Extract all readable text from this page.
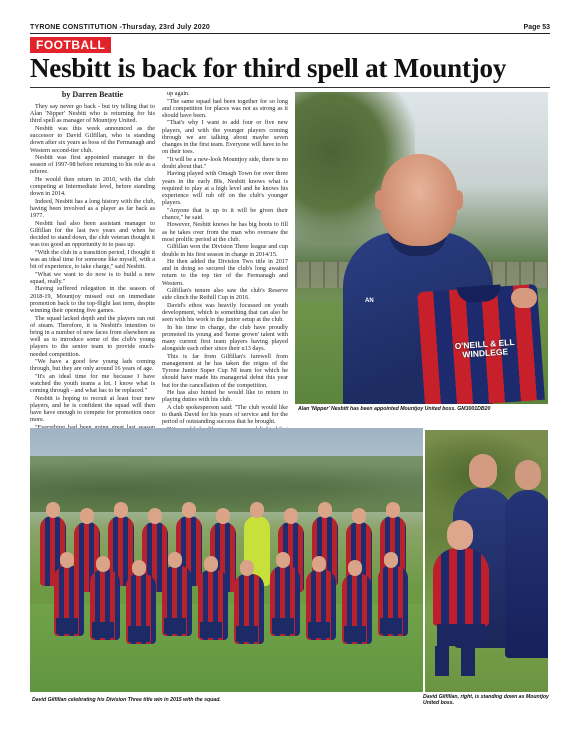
TYRONE CONSTITUTION -Thursday, 23rd July 2020	Page 53
FOOTBALL
Nesbitt is back for third spell at Mountjoy
by Darren Beattie

They say never go back - but try telling that to Alan 'Nipper' Nesbitt who is returning for his third spell as manager of Mountjoy United.

Nesbitt was this week announced as the successor to David Gilfillan, who is standing down after six years as boss of the Fermanagh and Western second-tier club.

Nesbitt was first appointed manager in the season of 1997-98 before returning to his role as a referee.

He would then return in 2010, with the club competing at Intermediate level, before standing down in 2014.

Indeed, Nesbitt has a long history with the club, having been involved as a player as far back as 1977.

Nesbitt had also been assistant manager to Gilfillan for the last two years and when he decided to stand down, the club veteran thought it was too good an opportunity to to pass up.

"With the club in a transition period, I thought it was an ideal time for someone like myself, with a bit of experience, to take charge," said Nesbitt.

"What we want to do now is to build a new squad, really."

Having suffered relegation in the season of 2018-19, Mountjoy missed out on immediate promotion back to the top-flight last term, despite winning their opening five games.

The squad lacked depth and the players ran out of steam. Therefore, it is Nesbitt's intention to bring in a number of new faces from elsewhere as well as to introduce some of the club's young players to the senior team to provide much-needed competition.

"We have a good few young lads coming through, but they are only around 16 years of age.

"It's an ideal time for me because I have watched the youth teams a lot. I know what is coming through - and what has to be replaced."

Nesbitt is hoping to recruit at least four new players, and he is confident the squad will then have have enough to compete for promotion once more.

up again.

"The same squad had been together for so long and competition for places was not as strong as it should have been.

"That's why I want to add four or five new players, and with the younger players coming through we are talking about maybe seven changes in the first team. Everyone will have to be on their toes.

"It will be a new-look Mountjoy side, there is no doubt about that."

Having played with Omagh Town for over three years in the early 80s, Nesbitt knows what is required to play at a high level and he knows his experience will rub off on the club's younger players.

"Anyone that is up to it will be given their chance," he said.

However, Nesbitt knows he has big boots to fill as he takes over from the man who oversaw the most prolific period at the club.

Gilfillan won the Division Three league and cup double in his first season in charge in 2014/15.

He then added the Division Two title in 2017 and in doing so secured the club's long awaited return to the top tier of the Fermanagh and Western.

Gilfillan's tenure also saw the club's Reserve side clinch the Reihill Cup in 2016.

David's ethos was heavily focussed on youth development, which is something that can also be seen with his work in the junior setup at the club.

In his time in charge, the club have proudly promoted its young and 'home grown' talent with many current first team players having played alongside each other since their u13 days.

This is far from Gilfillan's farewell from management at he has taken the reigns of the Tyrone Junior Super Cup NI team for which he should have made his managerial debut this year but for the cancellation of the competition.

He has also hinted he would like to return to playing duties with his club.

A club spokesperson said: "The club would like to thank David for his years of service and for the period of outstanding success that he brought.

AN
O'NEILL & ELL
WINDLEGE
Alan 'Nipper' Nesbitt has been appointed Mountjoy United boss. GM3001DB20
David Gilfillan celebrating his Division Three title win in 2015 with the squad.	David Gilfillan, right, is standing down as Mountjoy United boss.
